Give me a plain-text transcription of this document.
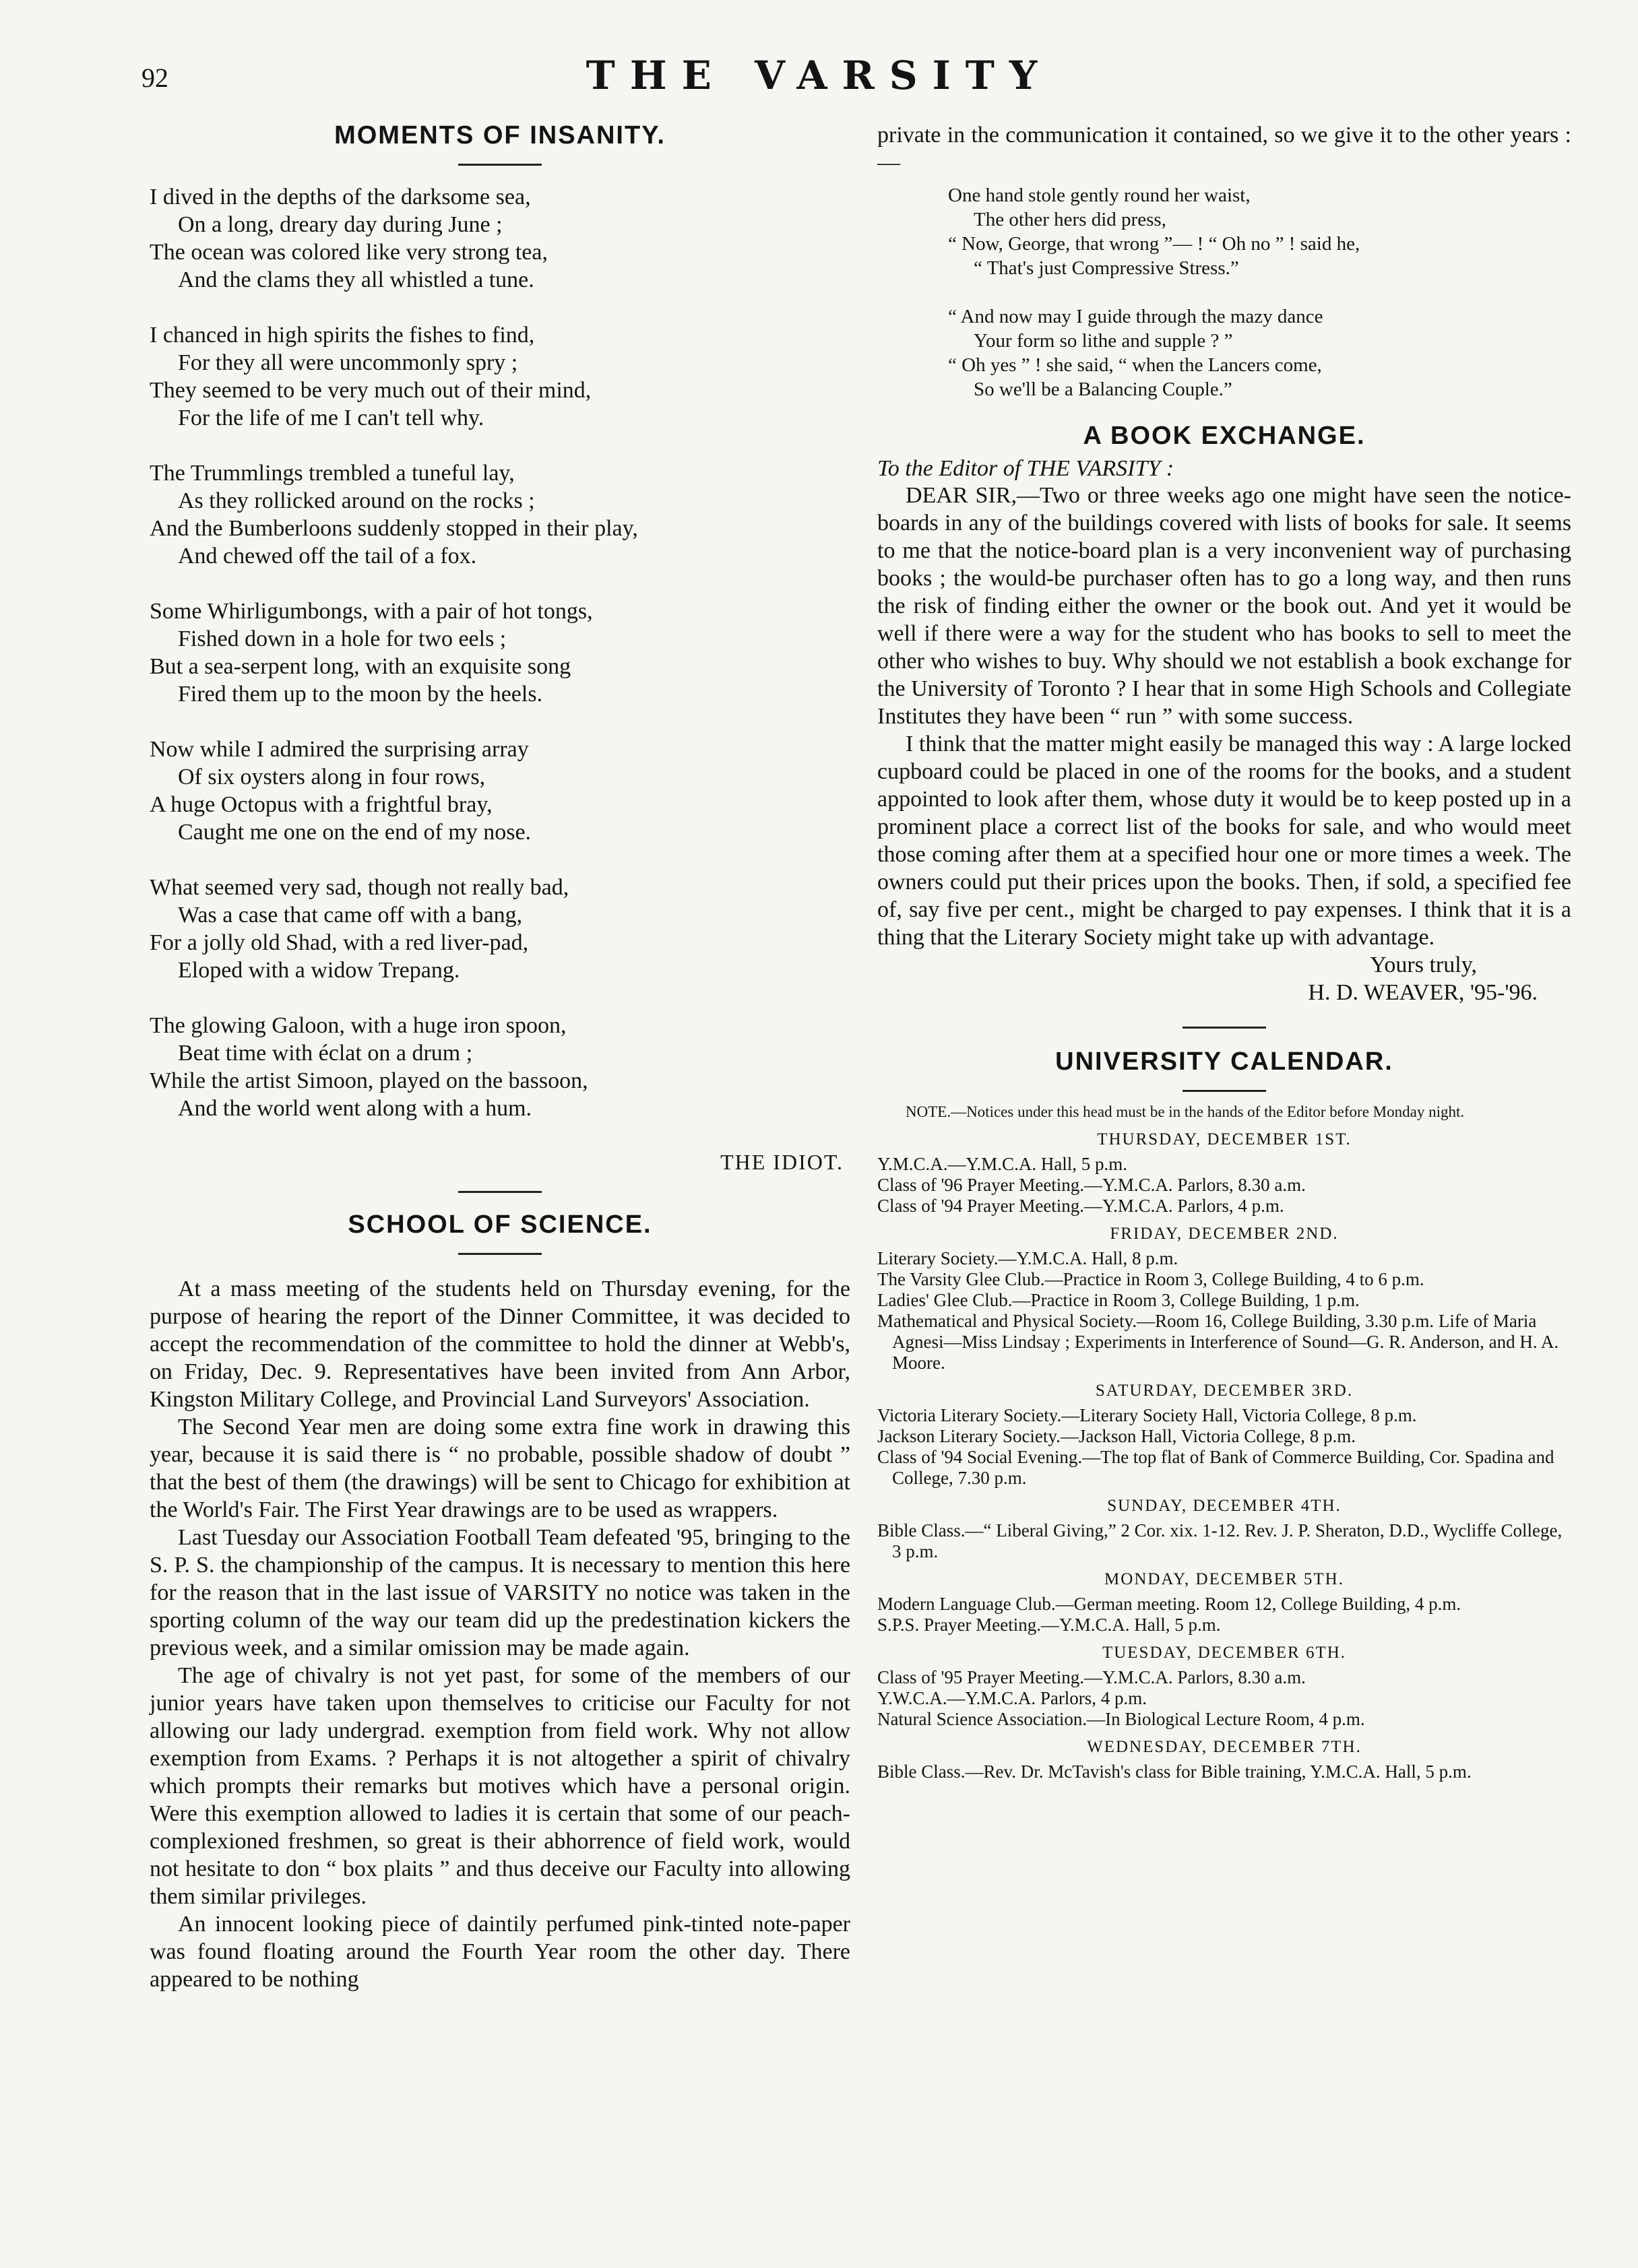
92	THE VARSITY
MOMENTS OF INSANITY.
I dived in the depths of the darksome sea,
On a long, dreary day during June ;
The ocean was colored like very strong tea,
And the clams they all whistled a tune.
I chanced in high spirits the fishes to find,
For they all were uncommonly spry ;
They seemed to be very much out of their mind,
For the life of me I can't tell why.
The Trummlings trembled a tuneful lay,
As they rollicked around on the rocks ;
And the Bumberloons suddenly stopped in their play,
And chewed off the tail of a fox.
Some Whirligumbongs, with a pair of hot tongs,
Fished down in a hole for two eels ;
But a sea-serpent long, with an exquisite song
Fired them up to the moon by the heels.
Now while I admired the surprising array
Of six oysters along in four rows,
A huge Octopus with a frightful bray,
Caught me one on the end of my nose.
What seemed very sad, though not really bad,
Was a case that came off with a bang,
For a jolly old Shad, with a red liver-pad,
Eloped with a widow Trepang.
The glowing Galoon, with a huge iron spoon,
Beat time with éclat on a drum ;
While the artist Simoon, played on the bassoon,
And the world went along with a hum.
THE IDIOT.
SCHOOL OF SCIENCE.

At a mass meeting of the students held on Thursday evening, for the purpose of hearing the report of the Dinner Committee, it was decided to accept the recommendation of the committee to hold the dinner at Webb's, on Friday, Dec. 9. Representatives have been invited from Ann Arbor, Kingston Military College, and Provincial Land Surveyors' Association.

The Second Year men are doing some extra fine work in drawing this year, because it is said there is “ no probable, possible shadow of doubt ” that the best of them (the drawings) will be sent to Chicago for exhibition at the World's Fair. The First Year drawings are to be used as wrappers.

Last Tuesday our Association Football Team defeated '95, bringing to the S. P. S. the championship of the campus. It is necessary to mention this here for the reason that in the last issue of VARSITY no notice was taken in the sporting column of the way our team did up the predestination kickers the previous week, and a similar omission may be made again.

The age of chivalry is not yet past, for some of the members of our junior years have taken upon themselves to criticise our Faculty for not allowing our lady undergrad. exemption from field work. Why not allow exemption from Exams. ? Perhaps it is not altogether a spirit of chivalry which prompts their remarks but motives which have a personal origin. Were this exemption allowed to ladies it is certain that some of our peach-complexioned freshmen, so great is their abhorrence of field work, would not hesitate to don “ box plaits ” and thus deceive our Faculty into allowing them similar privileges.

An innocent looking piece of daintily perfumed pink-tinted note-paper was found floating around the Fourth Year room the other day. There appeared to be nothing

private in the communication it contained, so we give it to the other years :—

One hand stole gently round her waist,
The other hers did press,
“ Now, George, that wrong ”— ! “ Oh no ” ! said he,
“ That's just Compressive Stress.”
“ And now may I guide through the mazy dance
Your form so lithe and supple ? ”
“ Oh yes ” ! she said, “ when the Lancers come,
So we'll be a Balancing Couple.”
A BOOK EXCHANGE.
To the Editor of THE VARSITY :

DEAR SIR,—Two or three weeks ago one might have seen the notice-boards in any of the buildings covered with lists of books for sale. It seems to me that the notice-board plan is a very inconvenient way of purchasing books ; the would-be purchaser often has to go a long way, and then runs the risk of finding either the owner or the book out. And yet it would be well if there were a way for the student who has books to sell to meet the other who wishes to buy. Why should we not establish a book exchange for the University of Toronto ? I hear that in some High Schools and Collegiate Institutes they have been “ run ” with some success.

I think that the matter might easily be managed this way : A large locked cupboard could be placed in one of the rooms for the books, and a student appointed to look after them, whose duty it would be to keep posted up in a prominent place a correct list of the books for sale, and who would meet those coming after them at a specified hour one or more times a week. The owners could put their prices upon the books. Then, if sold, a specified fee of, say five per cent., might be charged to pay expenses. I think that it is a thing that the Literary Society might take up with advantage.

Yours truly,

H. D. WEAVER, '95-'96.

UNIVERSITY CALENDAR.
NOTE.—Notices under this head must be in the hands of the Editor before Monday night.
THURSDAY, DECEMBER 1ST.

Y.M.C.A.—Y.M.C.A. Hall, 5 p.m.

Class of '96 Prayer Meeting.—Y.M.C.A. Parlors, 8.30 a.m.

Class of '94 Prayer Meeting.—Y.M.C.A. Parlors, 4 p.m.

FRIDAY, DECEMBER 2ND.

Literary Society.—Y.M.C.A. Hall, 8 p.m.

The Varsity Glee Club.—Practice in Room 3, College Building, 4 to 6 p.m.

Ladies' Glee Club.—Practice in Room 3, College Building, 1 p.m.

Mathematical and Physical Society.—Room 16, College Building, 3.30 p.m. Life of Maria Agnesi—Miss Lindsay ; Experiments in Interference of Sound—G. R. Anderson, and H. A. Moore.

SATURDAY, DECEMBER 3RD.

Victoria Literary Society.—Literary Society Hall, Victoria College, 8 p.m.

Jackson Literary Society.—Jackson Hall, Victoria College, 8 p.m.

Class of '94 Social Evening.—The top flat of Bank of Commerce Building, Cor. Spadina and College, 7.30 p.m.

SUNDAY, DECEMBER 4TH.

Bible Class.—“ Liberal Giving,” 2 Cor. xix. 1-12. Rev. J. P. Sheraton, D.D., Wycliffe College, 3 p.m.

MONDAY, DECEMBER 5TH.

Modern Language Club.—German meeting. Room 12, College Building, 4 p.m.

S.P.S. Prayer Meeting.—Y.M.C.A. Hall, 5 p.m.

TUESDAY, DECEMBER 6TH.

Class of '95 Prayer Meeting.—Y.M.C.A. Parlors, 8.30 a.m.

Y.W.C.A.—Y.M.C.A. Parlors, 4 p.m.

Natural Science Association.—In Biological Lecture Room, 4 p.m.

WEDNESDAY, DECEMBER 7TH.

Bible Class.—Rev. Dr. McTavish's class for Bible training, Y.M.C.A. Hall, 5 p.m.
